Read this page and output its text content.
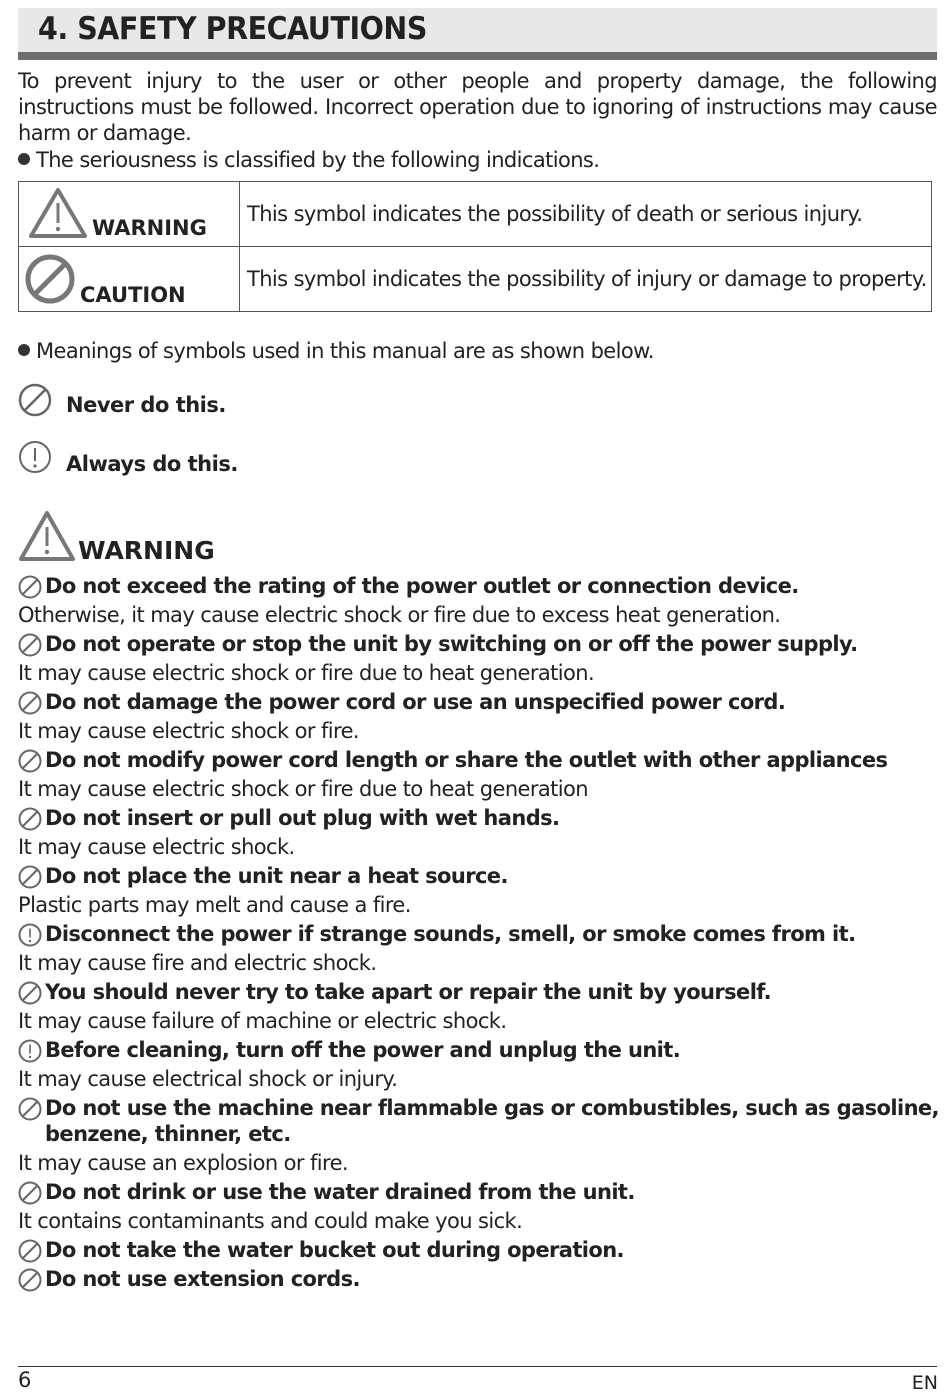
4. SAFETY PRECAUTIONS
To prevent injury to the user or other people and property damage, the following instructions must be followed. Incorrect operation due to ignoring of instructions may cause harm or damage.
The seriousness is classified by the following indications.
WARNING	This symbol indicates the possibility of death or serious injury.

CAUTION	This symbol indicates the possibility of injury or damage to property.
Meanings of symbols used in this manual are as shown below.
Never do this.
Always do this.
WARNING
Do not exceed the rating of the power outlet or connection device.
Otherwise, it may cause electric shock or fire due to excess heat generation.
Do not operate or stop the unit by switching on or off the power supply.
It may cause electric shock or fire due to heat generation.
Do not damage the power cord or use an unspecified power cord.
It may cause electric shock or fire.
Do not modify power cord length or share the outlet with other appliances
It may cause electric shock or fire due to heat generation
Do not insert or pull out plug with wet hands.
It may cause electric shock.
Do not place the unit near a heat source.
Plastic parts may melt and cause a fire.
Disconnect the power if strange sounds, smell, or smoke comes from it.
It may cause fire and electric shock.
You should never try to take apart or repair the unit by yourself.
It may cause failure of machine or electric shock.
Before cleaning, turn off the power and unplug the unit.
It may cause electrical shock or injury.
Do not use the machine near flammable gas or combustibles, such as gasoline, benzene, thinner, etc.
It may cause an explosion or fire.
Do not drink or use the water drained from the unit.
It contains contaminants and could make you sick.
Do not take the water bucket out during operation.
Do not use extension cords.
6	EN
